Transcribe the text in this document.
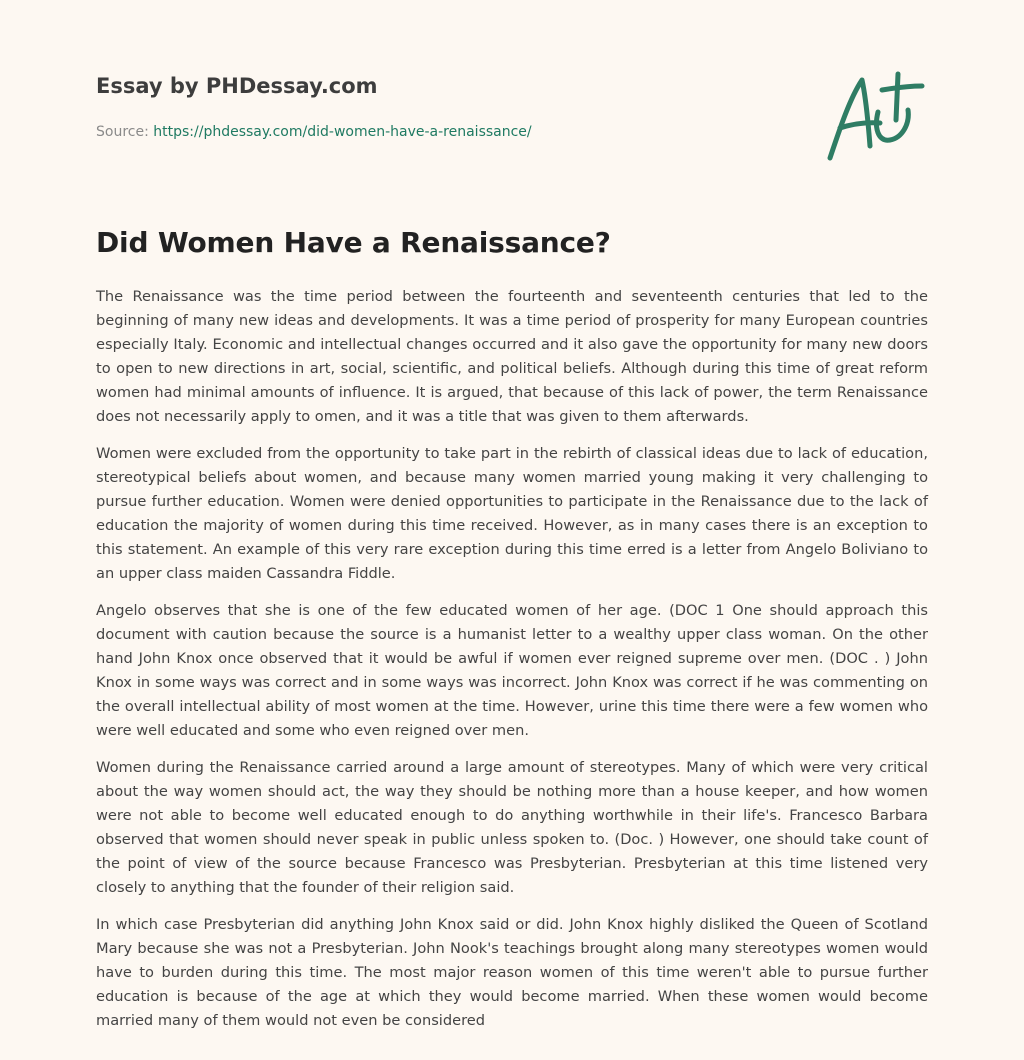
Essay by PHDessay.com
Source: https://phdessay.com/did-women-have-a-renaissance/
Did Women Have a Renaissance?

The Renaissance was the time period between the fourteenth and seventeenth centuries that led to the beginning of many new ideas and developments. It was a time period of prosperity for many European countries especially Italy. Economic and intellectual changes occurred and it also gave the opportunity for many new doors to open to new directions in art, social, scientific, and political beliefs. Although during this time of great reform women had minimal amounts of influence. It is argued, that because of this lack of power, the term Renaissance does not necessarily apply to omen, and it was a title that was given to them afterwards.

Women were excluded from the opportunity to take part in the rebirth of classical ideas due to lack of education, stereotypical beliefs about women, and because many women married young making it very challenging to pursue further education. Women were denied opportunities to participate in the Renaissance due to the lack of education the majority of women during this time received. However, as in many cases there is an exception to this statement. An example of this very rare exception during this time erred is a letter from Angelo Boliviano to an upper class maiden Cassandra Fiddle.

Angelo observes that she is one of the few educated women of her age. (DOC 1 One should approach this document with caution because the source is a humanist letter to a wealthy upper class woman. On the other hand John Knox once observed that it would be awful if women ever reigned supreme over men. (DOC . ) John Knox in some ways was correct and in some ways was incorrect. John Knox was correct if he was commenting on the overall intellectual ability of most women at the time. However, urine this time there were a few women who were well educated and some who even reigned over men.

Women during the Renaissance carried around a large amount of stereotypes. Many of which were very critical about the way women should act, the way they should be nothing more than a house keeper, and how women were not able to become well educated enough to do anything worthwhile in their life's. Francesco Barbara observed that women should never speak in public unless spoken to. (Doc. ) However, one should take count of the point of view of the source because Francesco was Presbyterian. Presbyterian at this time listened very closely to anything that the founder of their religion said.

In which case Presbyterian did anything John Knox said or did. John Knox highly disliked the Queen of Scotland Mary because she was not a Presbyterian. John Nook's teachings brought along many stereotypes women would have to burden during this time. The most major reason women of this time weren't able to pursue further education is because of the age at which they would become married. When these women would become married many of them would not even be considered
